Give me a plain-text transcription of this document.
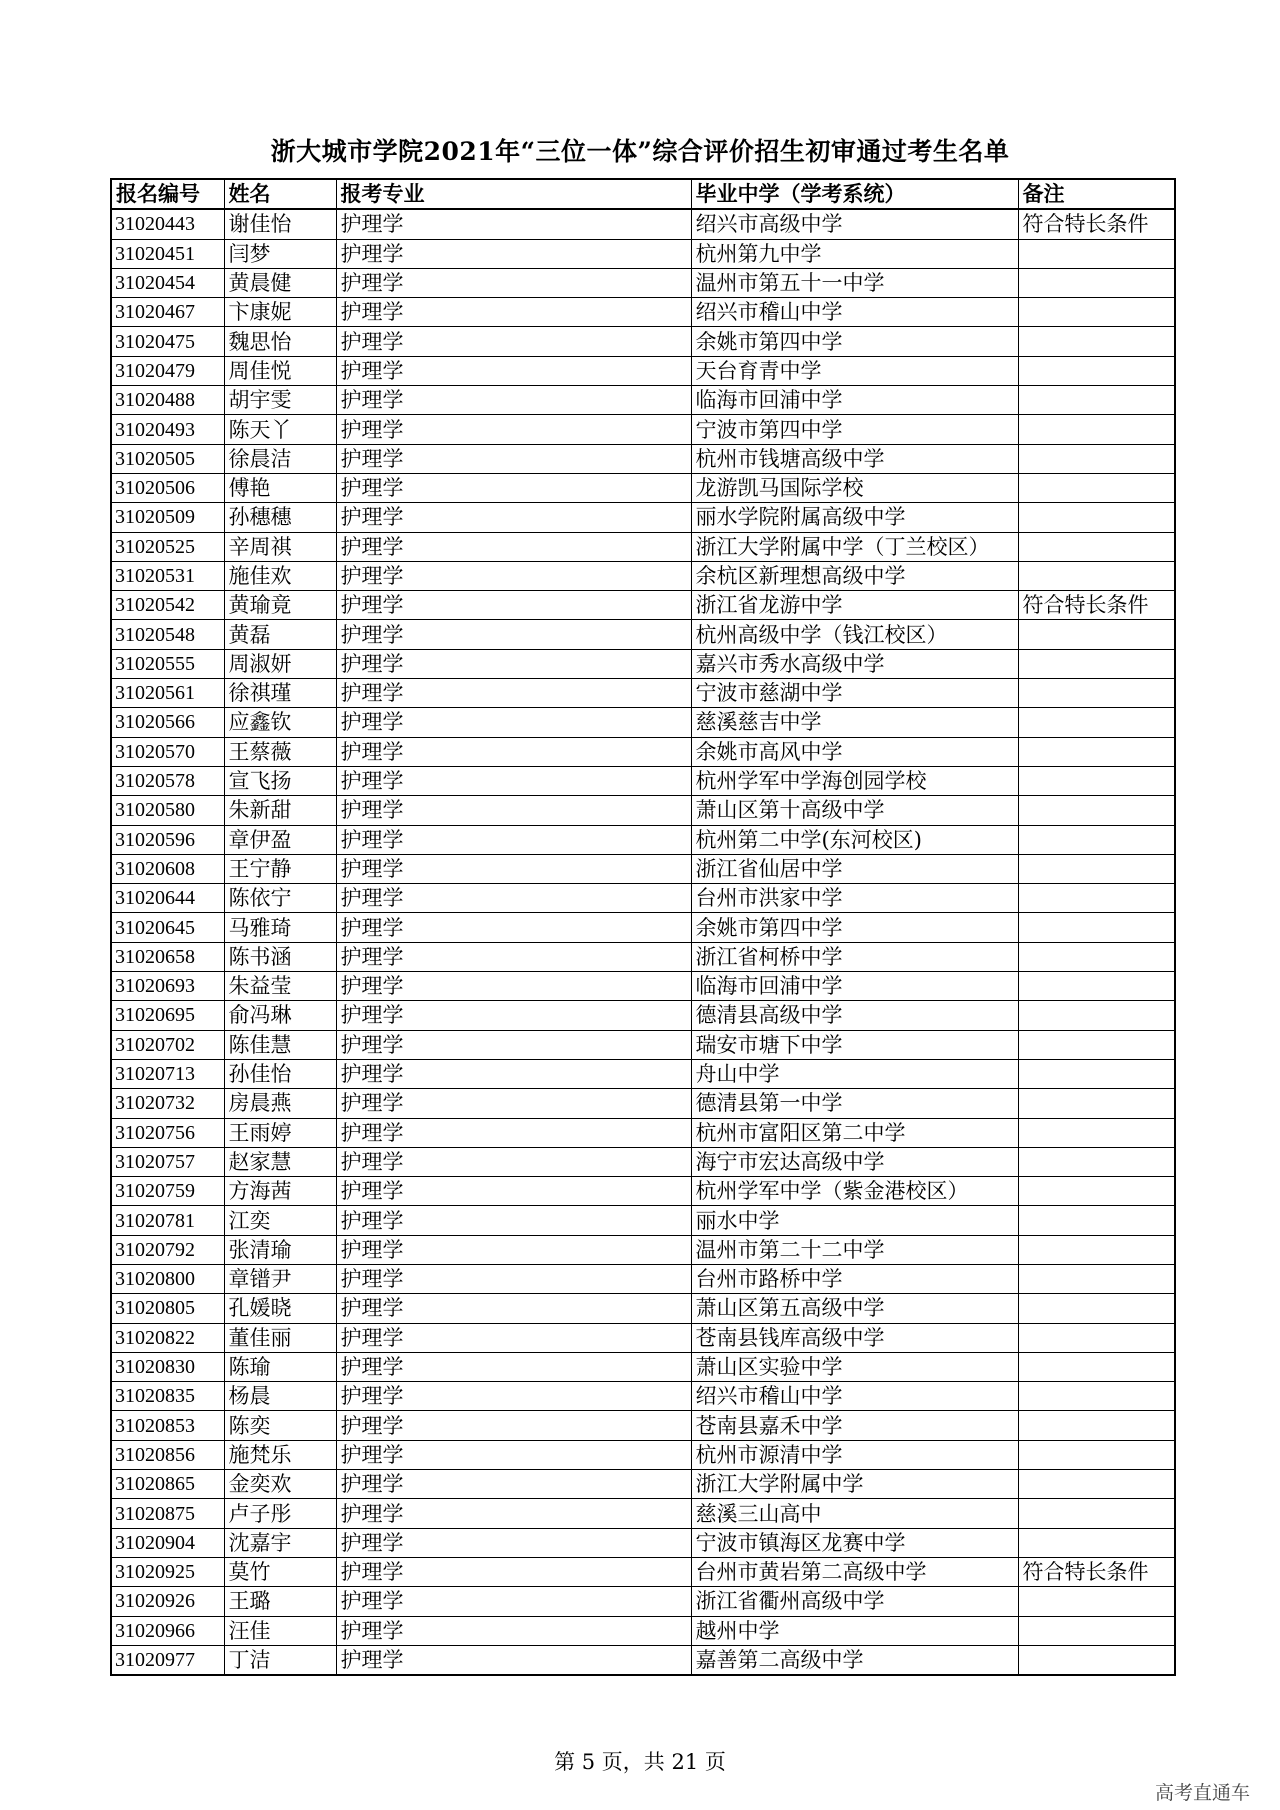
浙大城市学院2021年“三位一体”综合评价招生初审通过考生名单
报名编号	姓名	报考专业	毕业中学（学考系统）	备注
31020443	谢佳怡	护理学	绍兴市高级中学	符合特长条件
31020451	闫梦	护理学	杭州第九中学	
31020454	黄晨健	护理学	温州市第五十一中学	
31020467	卞康妮	护理学	绍兴市稽山中学	
31020475	魏思怡	护理学	余姚市第四中学	
31020479	周佳悦	护理学	天台育青中学	
31020488	胡宇雯	护理学	临海市回浦中学	
31020493	陈天丫	护理学	宁波市第四中学	
31020505	徐晨洁	护理学	杭州市钱塘高级中学	
31020506	傅艳	护理学	龙游凯马国际学校	
31020509	孙穗穗	护理学	丽水学院附属高级中学	
31020525	辛周祺	护理学	浙江大学附属中学（丁兰校区）	
31020531	施佳欢	护理学	余杭区新理想高级中学	
31020542	黄瑜竟	护理学	浙江省龙游中学	符合特长条件
31020548	黄磊	护理学	杭州高级中学（钱江校区）	
31020555	周淑妍	护理学	嘉兴市秀水高级中学	
31020561	徐祺瑾	护理学	宁波市慈湖中学	
31020566	应鑫钦	护理学	慈溪慈吉中学	
31020570	王蔡薇	护理学	余姚市高风中学	
31020578	宣飞扬	护理学	杭州学军中学海创园学校	
31020580	朱新甜	护理学	萧山区第十高级中学	
31020596	章伊盈	护理学	杭州第二中学(东河校区)	
31020608	王宁静	护理学	浙江省仙居中学	
31020644	陈依宁	护理学	台州市洪家中学	
31020645	马雅琦	护理学	余姚市第四中学	
31020658	陈书涵	护理学	浙江省柯桥中学	
31020693	朱益莹	护理学	临海市回浦中学	
31020695	俞冯琳	护理学	德清县高级中学	
31020702	陈佳慧	护理学	瑞安市塘下中学	
31020713	孙佳怡	护理学	舟山中学	
31020732	房晨燕	护理学	德清县第一中学	
31020756	王雨婷	护理学	杭州市富阳区第二中学	
31020757	赵家慧	护理学	海宁市宏达高级中学	
31020759	方海茜	护理学	杭州学军中学（紫金港校区）	
31020781	江奕	护理学	丽水中学	
31020792	张清瑜	护理学	温州市第二十二中学	
31020800	章镨尹	护理学	台州市路桥中学	
31020805	孔媛晓	护理学	萧山区第五高级中学	
31020822	董佳丽	护理学	苍南县钱库高级中学	
31020830	陈瑜	护理学	萧山区实验中学	
31020835	杨晨	护理学	绍兴市稽山中学	
31020853	陈奕	护理学	苍南县嘉禾中学	
31020856	施梵乐	护理学	杭州市源清中学	
31020865	金奕欢	护理学	浙江大学附属中学	
31020875	卢子彤	护理学	慈溪三山高中	
31020904	沈嘉宇	护理学	宁波市镇海区龙赛中学	
31020925	莫竹	护理学	台州市黄岩第二高级中学	符合特长条件
31020926	王璐	护理学	浙江省衢州高级中学	
31020966	汪佳	护理学	越州中学	
31020977	丁洁	护理学	嘉善第二高级中学	
第 5 页，共 21 页
高考直通车
